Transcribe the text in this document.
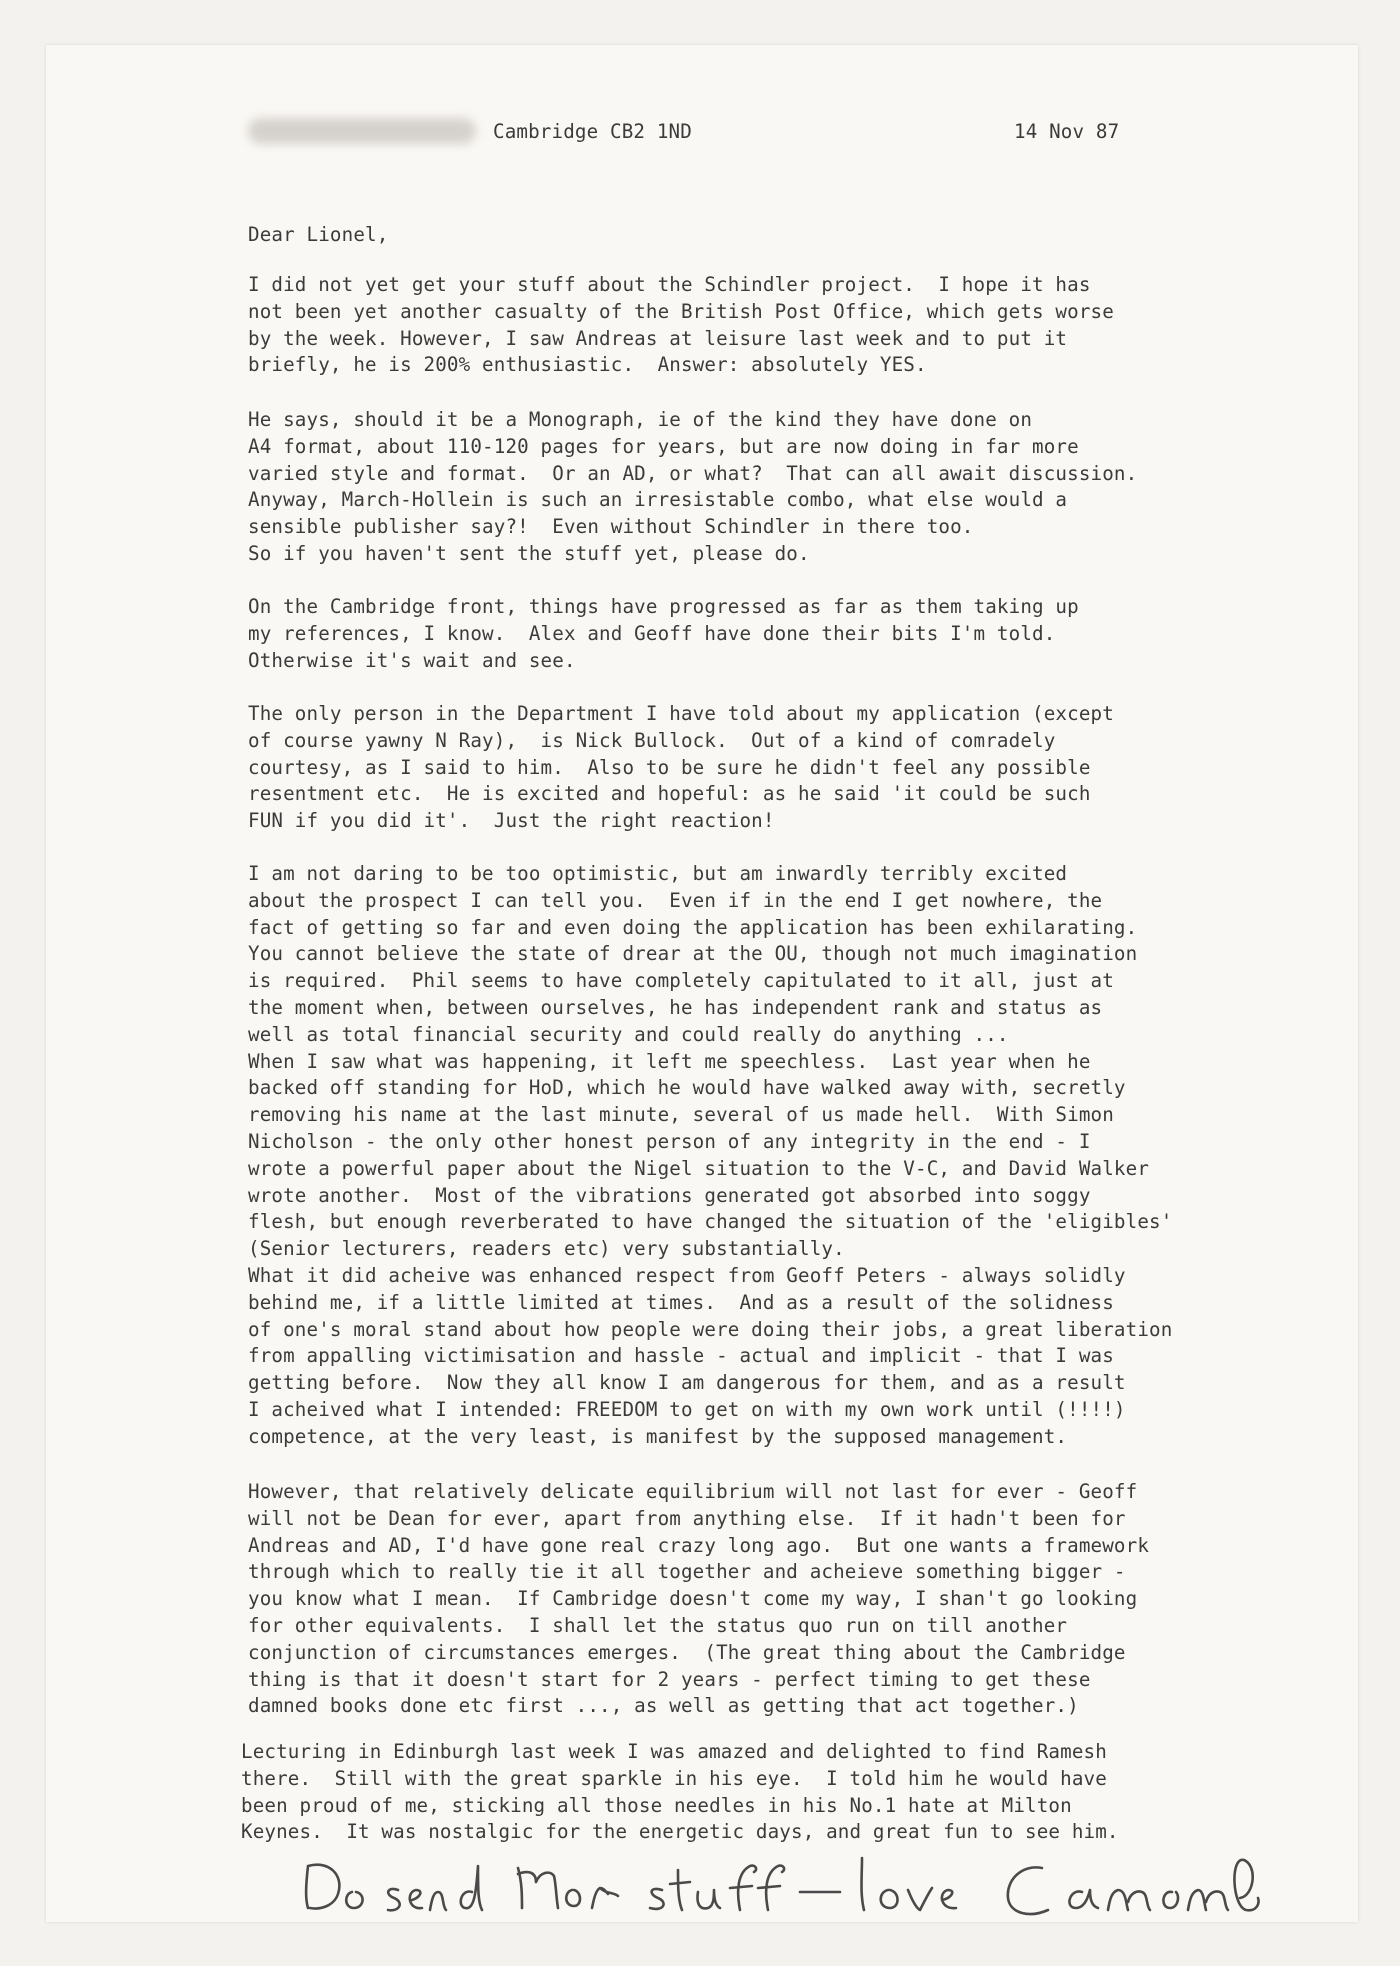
Cambridge CB2 1ND	14 Nov 87
Dear Lionel,
I did not yet get your stuff about the Schindler project.  I hope it has
not been yet another casualty of the British Post Office, which gets worse
by the week. However, I saw Andreas at leisure last week and to put it
briefly, he is 200% enthusiastic.  Answer: absolutely YES.
He says, should it be a Monograph, ie of the kind they have done on
A4 format, about 110-120 pages for years, but are now doing in far more
varied style and format.  Or an AD, or what?  That can all await discussion.
Anyway, March-Hollein is such an irresistable combo, what else would a
sensible publisher say?!  Even without Schindler in there too.
So if you haven't sent the stuff yet, please do.
On the Cambridge front, things have progressed as far as them taking up
my references, I know.  Alex and Geoff have done their bits I'm told.
Otherwise it's wait and see.
The only person in the Department I have told about my application (except
of course yawny N Ray),  is Nick Bullock.  Out of a kind of comradely
courtesy, as I said to him.  Also to be sure he didn't feel any possible
resentment etc.  He is excited and hopeful: as he said 'it could be such
FUN if you did it'.  Just the right reaction!
I am not daring to be too optimistic, but am inwardly terribly excited
about the prospect I can tell you.  Even if in the end I get nowhere, the
fact of getting so far and even doing the application has been exhilarating.
You cannot believe the state of drear at the OU, though not much imagination
is required.  Phil seems to have completely capitulated to it all, just at
the moment when, between ourselves, he has independent rank and status as
well as total financial security and could really do anything ...
When I saw what was happening, it left me speechless.  Last year when he
backed off standing for HoD, which he would have walked away with, secretly
removing his name at the last minute, several of us made hell.  With Simon
Nicholson - the only other honest person of any integrity in the end - I
wrote a powerful paper about the Nigel situation to the V-C, and David Walker
wrote another.  Most of the vibrations generated got absorbed into soggy
flesh, but enough reverberated to have changed the situation of the 'eligibles'
(Senior lecturers, readers etc) very substantially.
What it did acheive was enhanced respect from Geoff Peters - always solidly
behind me, if a little limited at times.  And as a result of the solidness
of one's moral stand about how people were doing their jobs, a great liberation
from appalling victimisation and hassle - actual and implicit - that I was
getting before.  Now they all know I am dangerous for them, and as a result
I acheived what I intended: FREEDOM to get on with my own work until (!!!!)
competence, at the very least, is manifest by the supposed management.
However, that relatively delicate equilibrium will not last for ever - Geoff
will not be Dean for ever, apart from anything else.  If it hadn't been for
Andreas and AD, I'd have gone real crazy long ago.  But one wants a framework
through which to really tie it all together and acheieve something bigger -
you know what I mean.  If Cambridge doesn't come my way, I shan't go looking
for other equivalents.  I shall let the status quo run on till another
conjunction of circumstances emerges.  (The great thing about the Cambridge
thing is that it doesn't start for 2 years - perfect timing to get these
damned books done etc first ..., as well as getting that act together.)
Lecturing in Edinburgh last week I was amazed and delighted to find Ramesh
there.  Still with the great sparkle in his eye.  I told him he would have
been proud of me, sticking all those needles in his No.1 hate at Milton
Keynes.  It was nostalgic for the energetic days, and great fun to see him.
